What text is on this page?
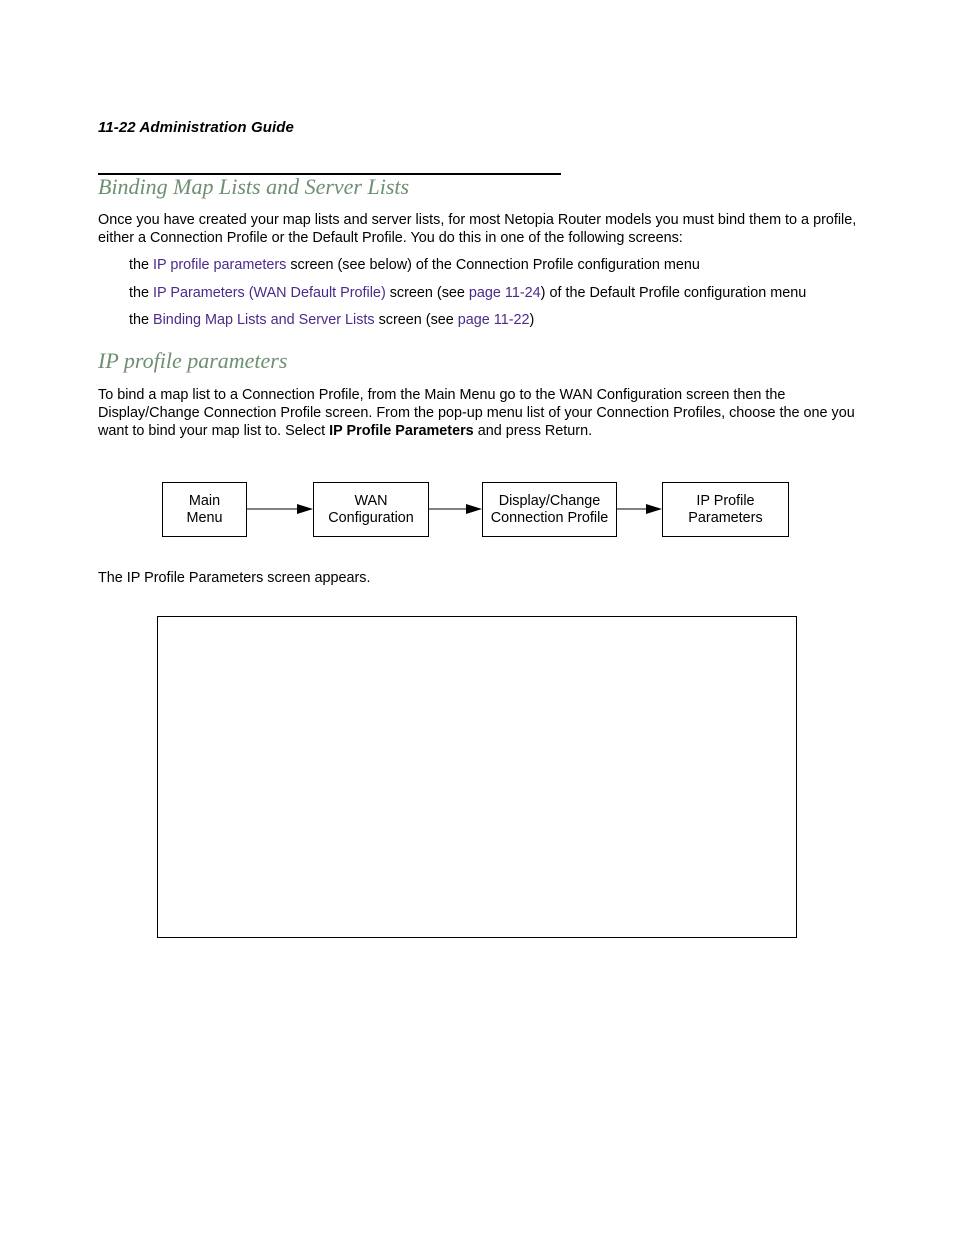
11-22 Administration Guide
Binding Map Lists and Server Lists
Once you have created your map lists and server lists, for most Netopia Router models you must bind them to a profile, either a Connection Profile or the Default Profile. You do this in one of the following screens:
the IP profile parameters screen (see below) of the Connection Profile configuration menu
the IP Parameters (WAN Default Profile) screen (see page 11-24) of the Default Profile configuration menu
the Binding Map Lists and Server Lists screen (see page 11-22)
IP profile parameters
To bind a map list to a Connection Profile, from the Main Menu go to the WAN Configuration screen then the Display/Change Connection Profile screen. From the pop-up menu list of your Connection Profiles, choose the one you want to bind your map list to. Select IP Profile Parameters and press Return.
Main
Menu
WAN
Configuration
Display/Change
Connection Profile
IP Profile
Parameters
The IP Profile Parameters screen appears.
